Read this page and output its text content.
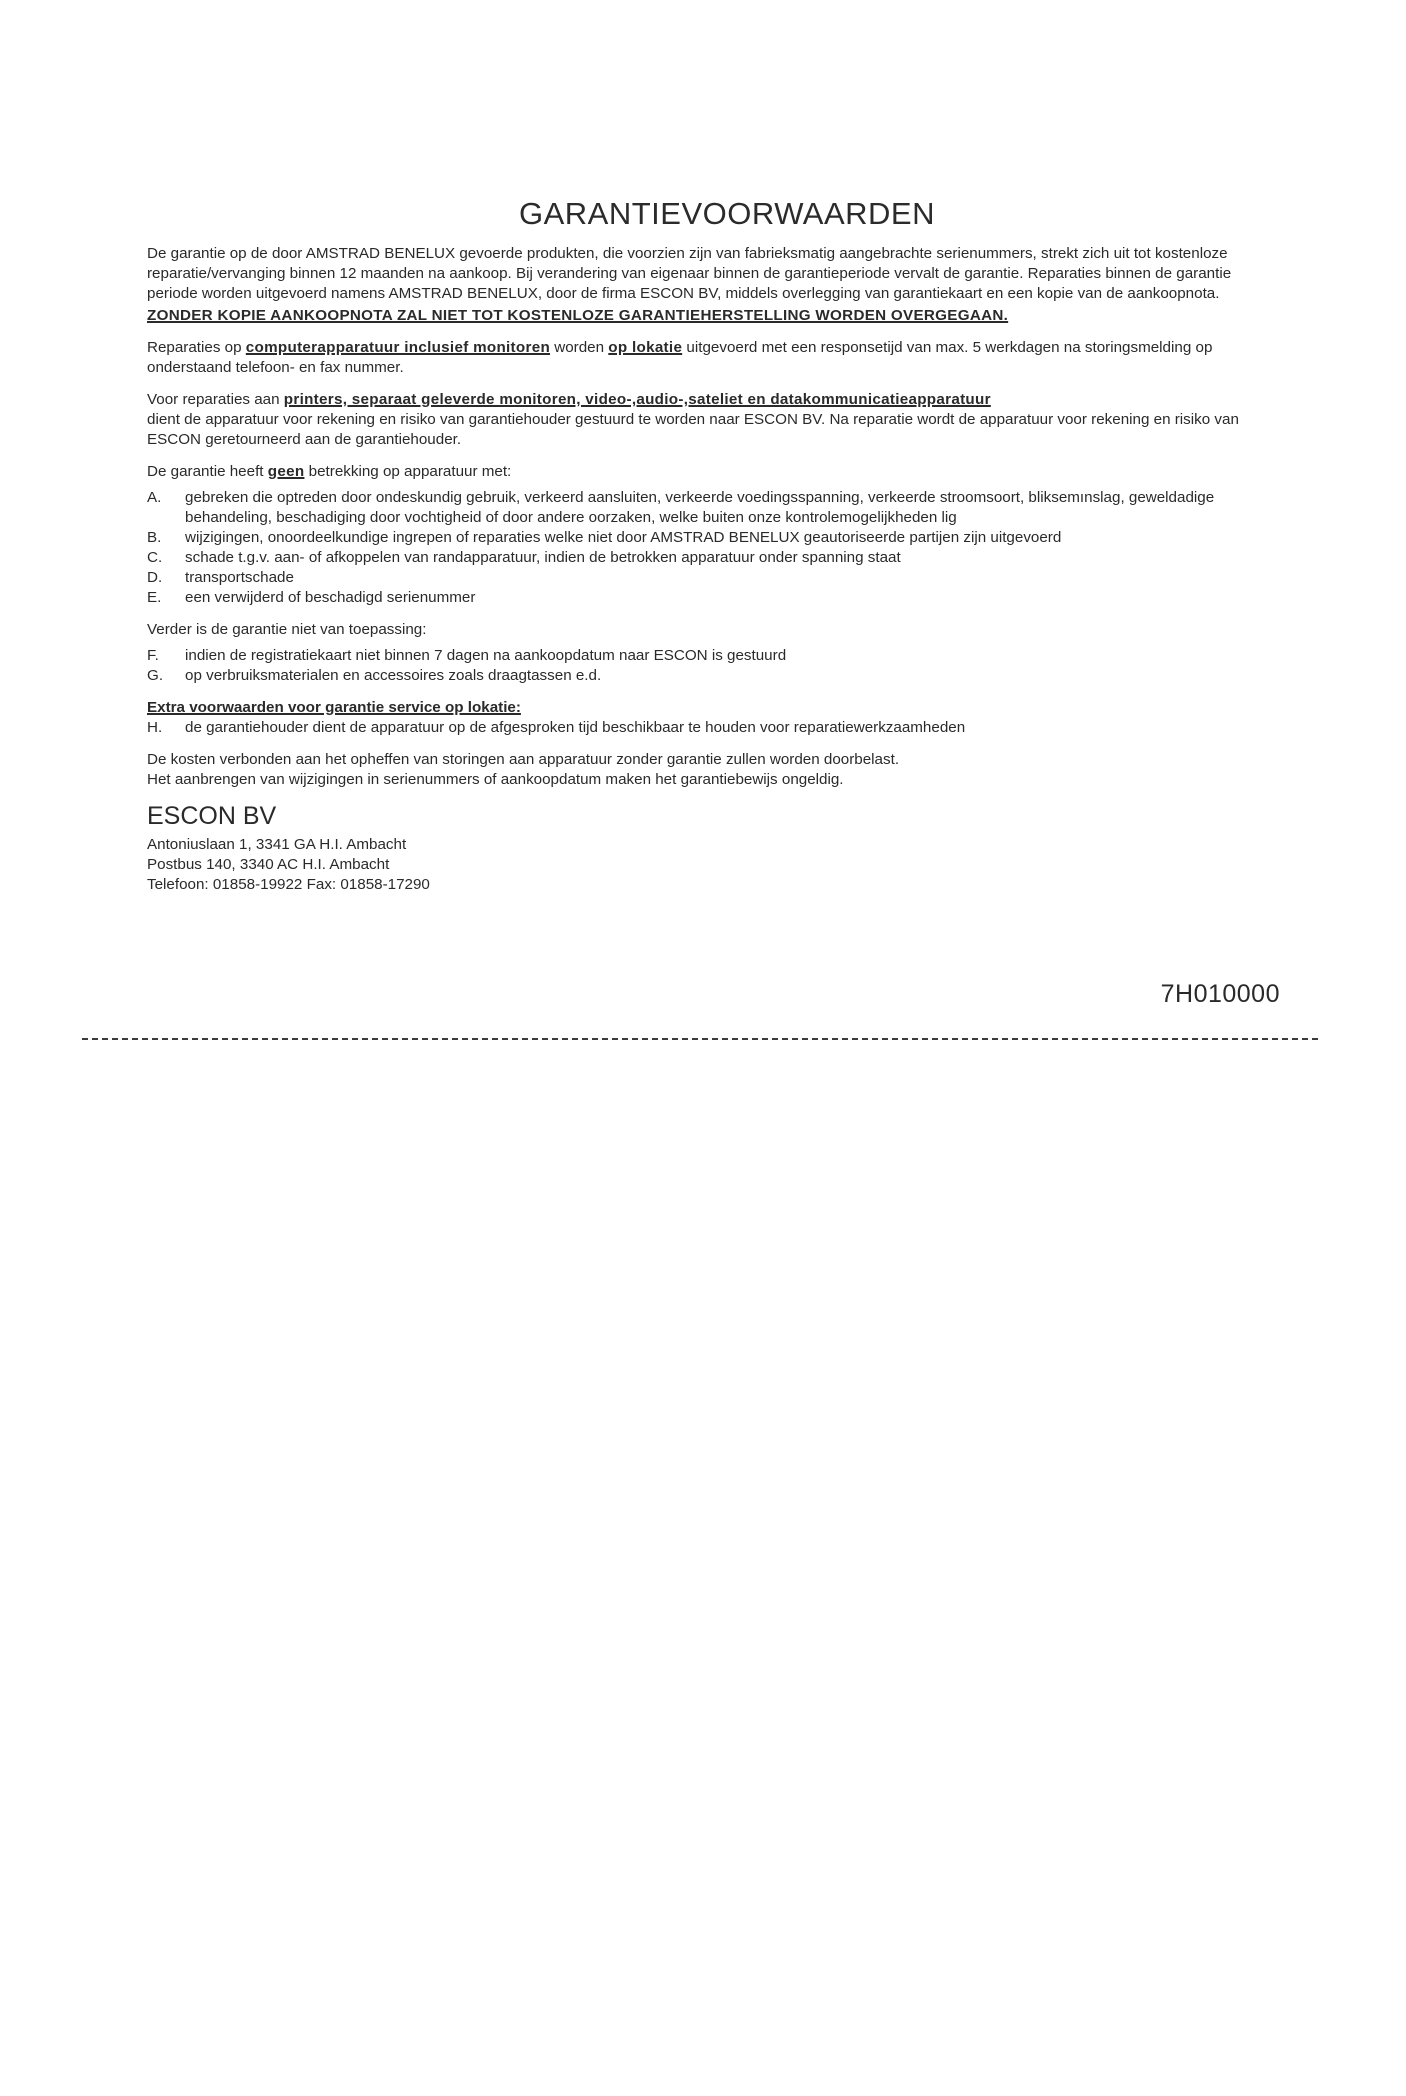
GARANTIEVOORWAARDEN

De garantie op de door AMSTRAD BENELUX gevoerde produkten, die voorzien zijn van fabrieksmatig aangebrachte serienummers, strekt zich uit tot kostenloze reparatie/vervanging binnen 12 maanden na aankoop. Bij verandering van eigenaar binnen de garantieperiode vervalt de garantie. Reparaties binnen de garantie periode worden uitgevoerd namens AMSTRAD BENELUX, door de firma ESCON BV, middels overlegging van garantiekaart en een kopie van de aankoopnota.

ZONDER KOPIE AANKOOPNOTA ZAL NIET TOT KOSTENLOZE GARANTIEHERSTELLING WORDEN OVERGEGAAN.
Reparaties op computerapparatuur inclusief monitoren worden op lokatie uitgevoerd met een responsetijd van max. 5 werkdagen na storingsmelding op onderstaand telefoon- en fax nummer.
Voor reparaties aan printers, separaat geleverde monitoren, video-,audio-,sateliet en datakommunicatieapparatuur
dient de apparatuur voor rekening en risiko van garantiehouder gestuurd te worden naar ESCON BV. Na reparatie wordt de apparatuur voor rekening en risiko van ESCON geretourneerd aan de garantiehouder.
De garantie heeft geen betrekking op apparatuur met:
A.	gebreken die optreden door ondeskundig gebruik, verkeerd aansluiten, verkeerde voedingsspanning, verkeerde stroomsoort, bliksemınslag, geweldadige behandeling, beschadiging door vochtigheid of door andere oorzaken, welke buiten onze kontrolemogelijkheden lig
B.	wijzigingen, onoordeelkundige ingrepen of reparaties welke niet door AMSTRAD BENELUX geautoriseerde partijen zijn uitgevoerd
C.	schade t.g.v. aan- of afkoppelen van randapparatuur, indien de betrokken apparatuur onder spanning staat
D.	transportschade
E.	een verwijderd of beschadigd serienummer
Verder is de garantie niet van toepassing:
F.	indien de registratiekaart niet binnen 7 dagen na aankoopdatum naar ESCON is gestuurd
G.	op verbruiksmaterialen en accessoires zoals draagtassen e.d.
Extra voorwaarden voor garantie service op lokatie:
H.	de garantiehouder dient de apparatuur op de afgesproken tijd beschikbaar te houden voor reparatiewerkzaamheden

De kosten verbonden aan het opheffen van storingen aan apparatuur zonder garantie zullen worden doorbelast.

Het aanbrengen van wijzigingen in serienummers of aankoopdatum maken het garantiebewijs ongeldig.

ESCON BV

Antoniuslaan 1, 3341 GA H.I. Ambacht

Postbus 140, 3340 AC H.I. Ambacht

Telefoon: 01858-19922 Fax: 01858-17290

7H010000
